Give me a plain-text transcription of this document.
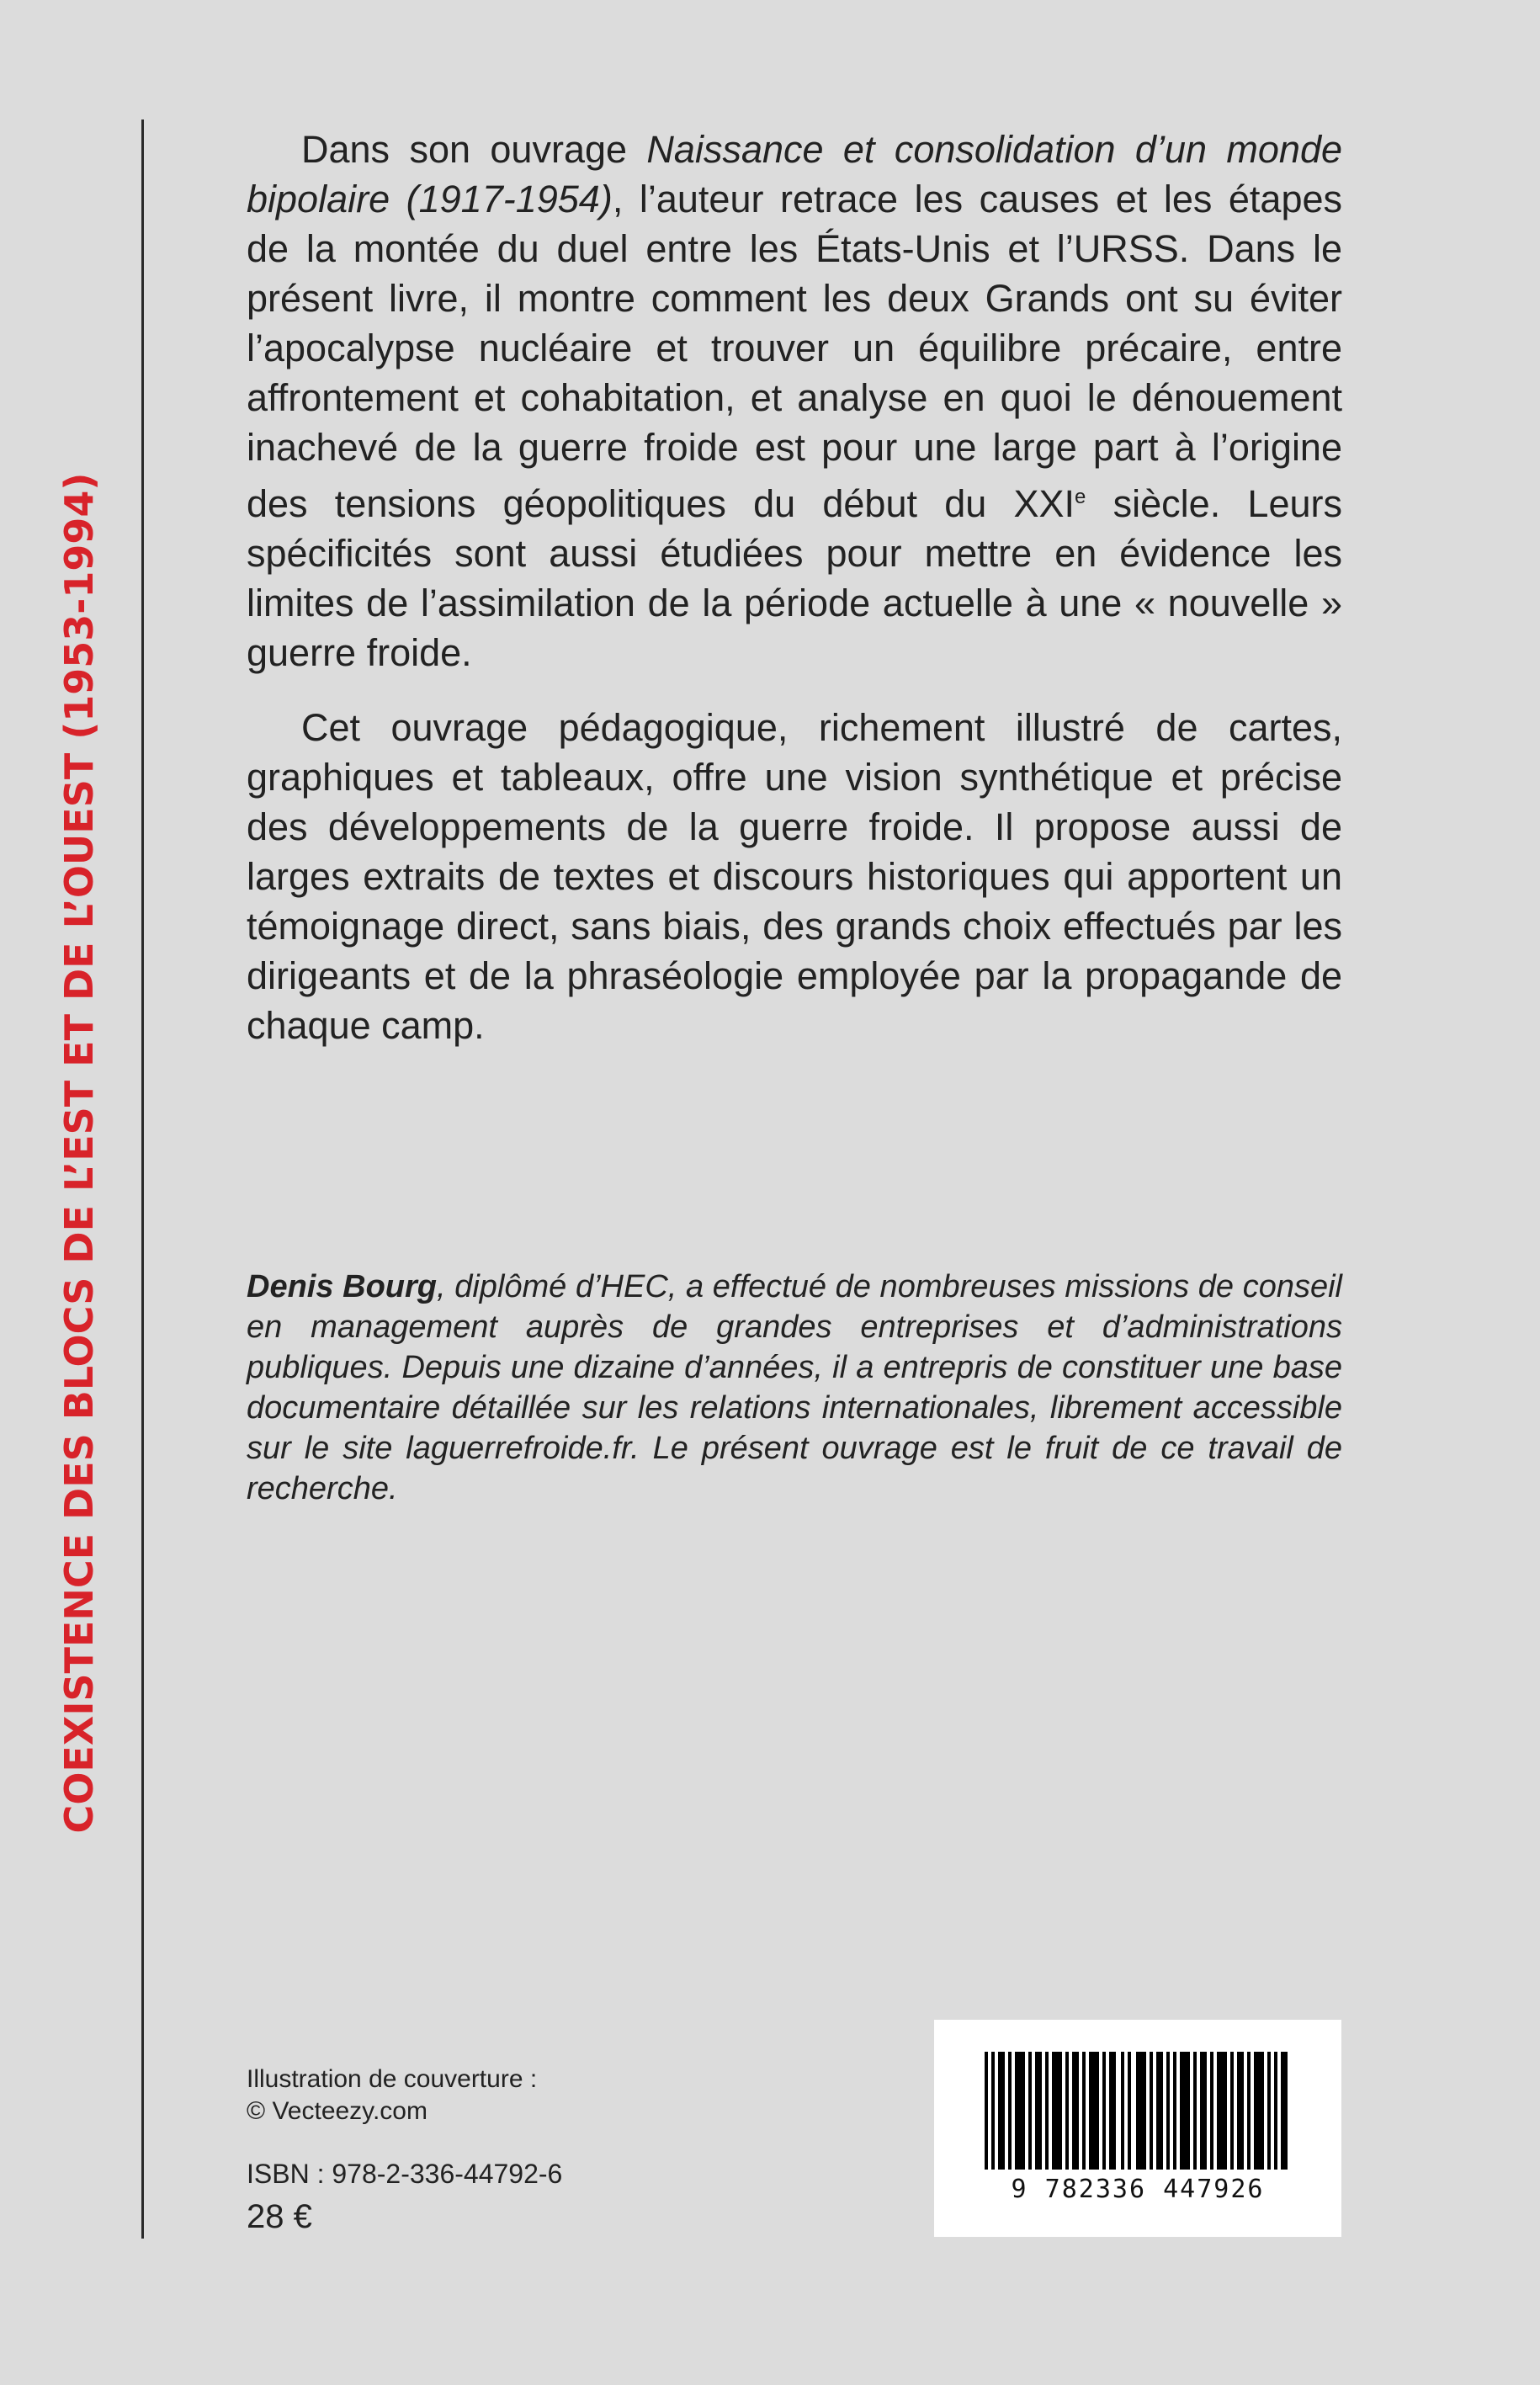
COEXISTENCE DES BLOCS DE L’EST ET DE L’OUEST (1953-1994)

Dans son ouvrage Naissance et consolidation d’un monde bipolaire (1917-1954), l’auteur retrace les causes et les étapes de la montée du duel entre les États-Unis et l’URSS. Dans le présent livre, il montre comment les deux Grands ont su éviter l’apocalypse nucléaire et trouver un équilibre précaire, entre affrontement et cohabitation, et analyse en quoi le dénouement inachevé de la guerre froide est pour une large part à l’origine des tensions géopolitiques du début du XXIe siècle. Leurs spécificités sont aussi étudiées pour mettre en évidence les limites de l’assimilation de la période actuelle à une « nouvelle » guerre froide.

Cet ouvrage pédagogique, richement illustré de cartes, graphiques et tableaux, offre une vision synthétique et précise des développements de la guerre froide. Il propose aussi de larges extraits de textes et discours historiques qui apportent un témoignage direct, sans biais, des grands choix effectués par les dirigeants et de la phraséologie employée par la propagande de chaque camp.

Denis Bourg, diplômé d’HEC, a effectué de nombreuses missions de conseil en management auprès de grandes entreprises et d’administrations publiques. Depuis une dizaine d’années, il a entrepris de constituer une base documentaire détaillée sur les relations internationales, librement accessible sur le site laguerrefroide.fr. Le présent ouvrage est le fruit de ce travail de recherche.
Illustration de couverture :
© Vecteezy.com
ISBN : 978-2-336-44792-6
28 €
9 782336 447926
